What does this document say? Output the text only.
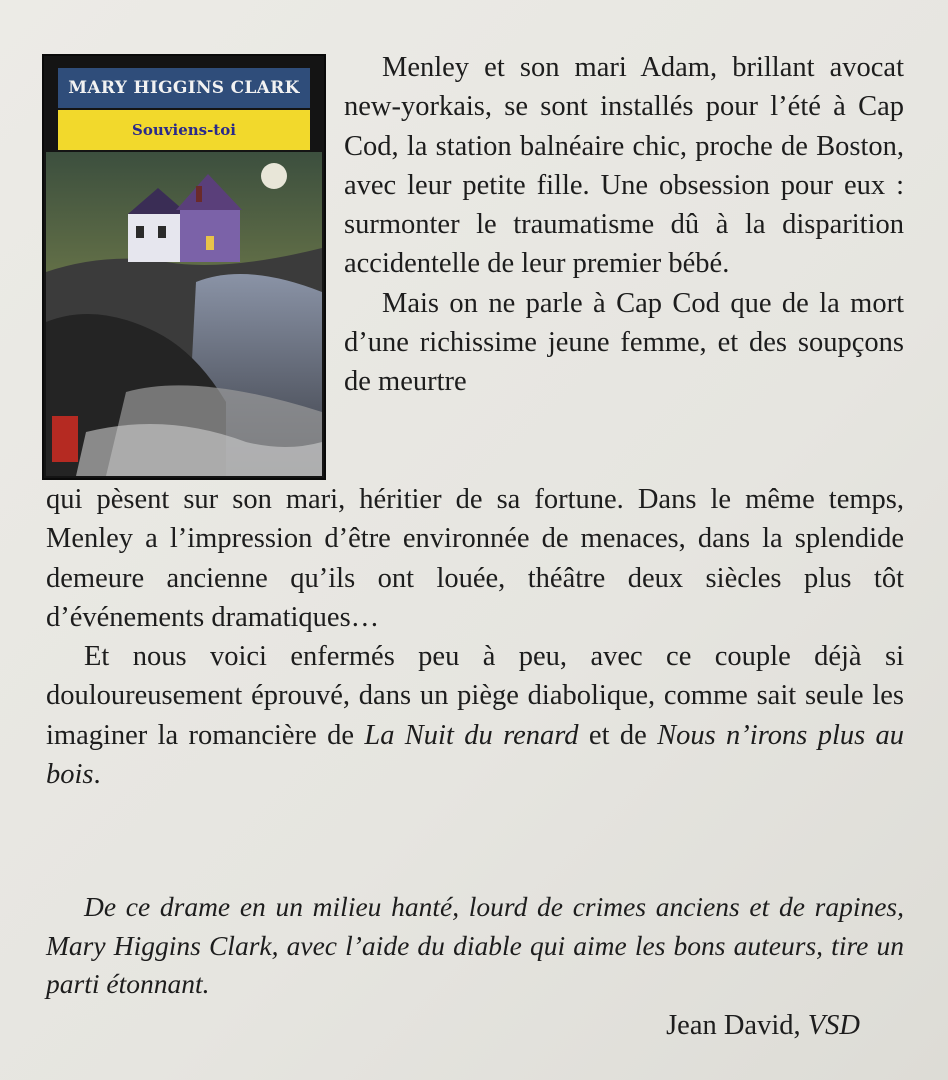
MARY HIGGINS CLARK
Souviens-toi

Menley et son mari Adam, brillant avocat new-yorkais, se sont installés pour l’été à Cap Cod, la station balnéaire chic, proche de Boston, avec leur petite fille. Une obsession pour eux : surmonter le traumatisme dû à la disparition accidentelle de leur premier bébé.

Mais on ne parle à Cap Cod que de la mort d’une richissime jeune femme, et des soupçons de meurtre

qui pèsent sur son mari, héritier de sa fortune. Dans le même temps, Menley a l’impression d’être environnée de menaces, dans la splendide demeure ancienne qu’ils ont louée, théâtre deux siècles plus tôt d’événements dramatiques…

Et nous voici enfermés peu à peu, avec ce couple déjà si douloureusement éprouvé, dans un piège diabolique, comme sait seule les imaginer la romancière de La Nuit du renard et de Nous n’irons plus au bois.

De ce drame en un milieu hanté, lourd de crimes anciens et de rapines, Mary Higgins Clark, avec l’aide du diable qui aime les bons auteurs, tire un parti étonnant.

Jean David, VSD
